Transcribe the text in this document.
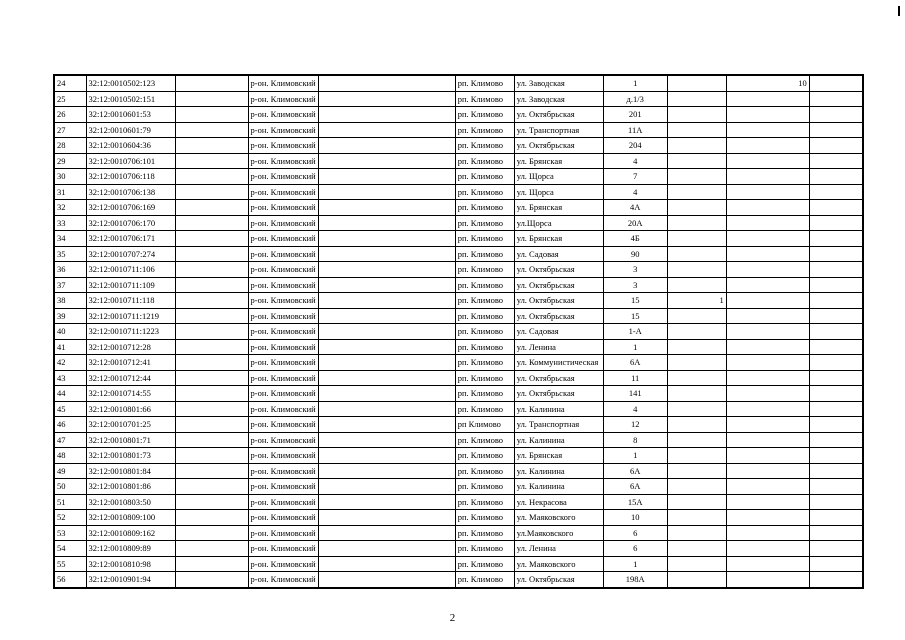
24	32:12:0010502:123		р-он. Климовский		рп. Климово	ул. Заводская	1		10	
25	32:12:0010502:151		р-он. Климовский		рп. Климово	ул. Заводская	д.1/3			
26	32:12:0010601:53		р-он. Климовский		рп. Климово	ул. Октябрьская	201			
27	32:12:0010601:79		р-он. Климовский		рп. Климово	ул. Транспортная	11А			
28	32:12:0010604:36		р-он. Климовский		рп. Климово	ул. Октябрьская	204			
29	32:12:0010706:101		р-он. Климовский		рп. Климово	ул. Брянская	4			
30	32:12:0010706:118		р-он. Климовский		рп. Климово	ул. Щорса	7			
31	32:12:0010706:138		р-он. Климовский		рп. Климово	ул. Щорса	4			
32	32:12:0010706:169		р-он. Климовский		рп. Климово	ул. Брянская	4А			
33	32:12:0010706:170		р-он. Климовский		рп. Климово	ул.Щорса	20А			
34	32:12:0010706:171		р-он. Климовский		рп. Климово	ул. Брянская	4Б			
35	32:12:0010707:274		р-он. Климовский		рп. Климово	ул. Садовая	90			
36	32:12:0010711:106		р-он. Климовский		рп. Климово	ул. Октябрьская	3			
37	32:12:0010711:109		р-он. Климовский		рп. Климово	ул. Октябрьская	3			
38	32:12:0010711:118		р-он. Климовский		рп. Климово	ул. Октябрьская	15	1		
39	32:12:0010711:1219		р-он. Климовский		рп. Климово	ул. Октябрьская	15			
40	32:12:0010711:1223		р-он. Климовский		рп. Климово	ул. Садовая	1-А			
41	32:12:0010712:28		р-он. Климовский		рп. Климово	ул. Ленина	1			
42	32:12:0010712:41		р-он. Климовский		рп. Климово	ул. Коммунистическая	6А			
43	32:12:0010712:44		р-он. Климовский		рп. Климово	ул. Октябрьская	11			
44	32:12:0010714:55		р-он. Климовский		рп. Климово	ул. Октябрьская	141			
45	32:12:0010801:66		р-он. Климовский		рп. Климово	ул. Калинина	4			
46	32:12:0010701:25		р-он. Климовский		рп Климово	ул. Транспортная	12			
47	32:12:0010801:71		р-он. Климовский		рп. Климово	ул. Калинина	8			
48	32:12:0010801:73		р-он. Климовский		рп. Климово	ул. Брянская	1			
49	32:12:0010801:84		р-он. Климовский		рп. Климово	ул. Калинина	6А			
50	32:12:0010801:86		р-он. Климовский		рп. Климово	ул. Калинина	6А			
51	32:12:0010803:50		р-он. Климовский		рп. Климово	ул. Некрасова	15А			
52	32:12:0010809:100		р-он. Климовский		рп. Климово	ул. Маяковского	10			
53	32:12:0010809:162		р-он. Климовский		рп. Климово	ул.Маяковского	6			
54	32:12:0010809:89		р-он. Климовский		рп. Климово	ул. Ленина	6			
55	32:12:0010810:98		р-он. Климовский		рп. Климово	ул. Маяковского	1			
56	32:12:0010901:94		р-он. Климовский		рп. Климово	ул. Октябрьская	198А			
2
